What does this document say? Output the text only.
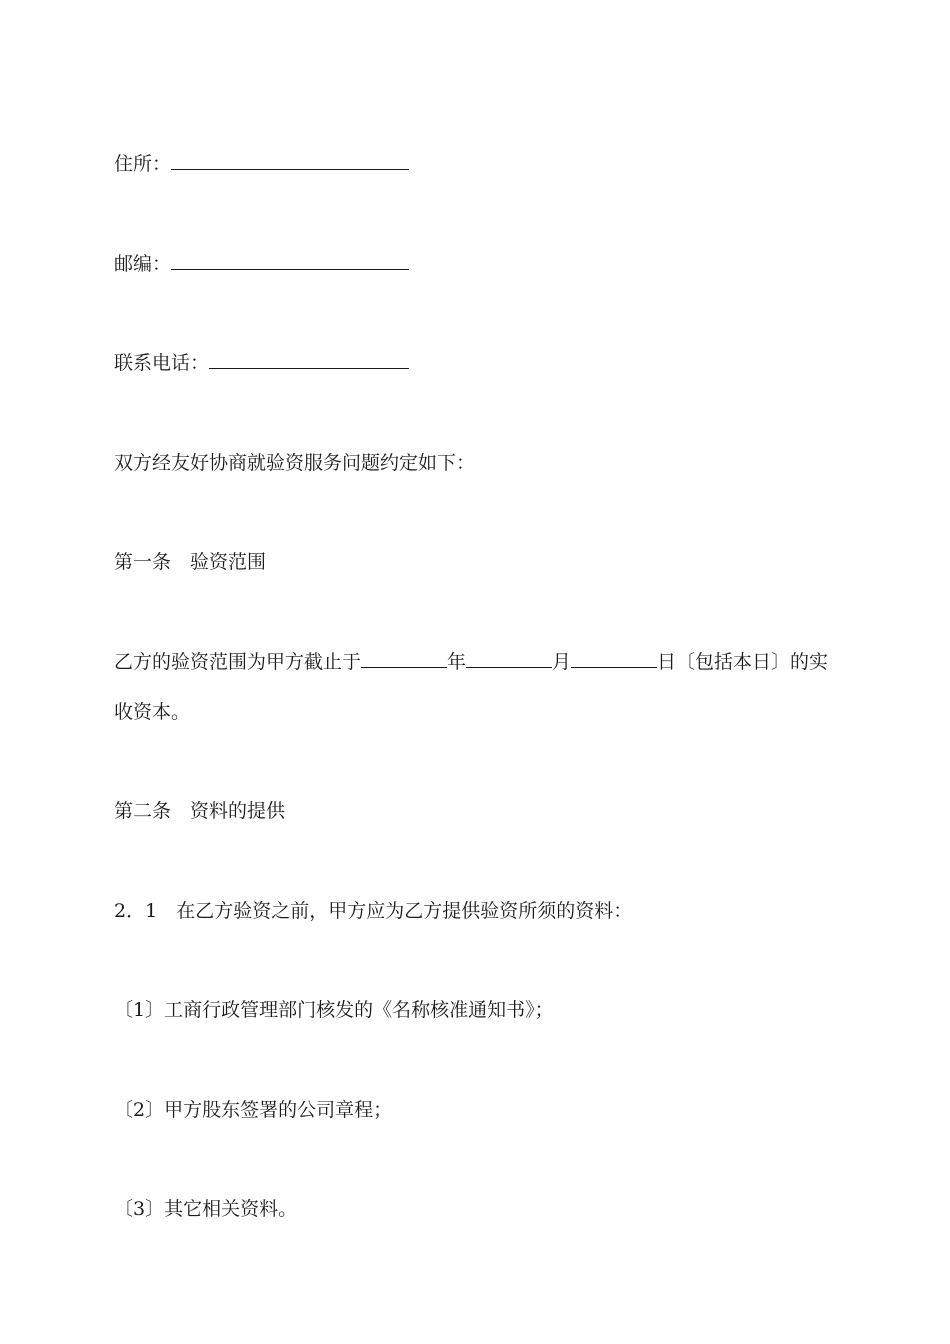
住所：
邮编：
联系电话：
双方经友好协商就验资服务问题约定如下：
第一条 验资范围
乙方的验资范围为甲方截止于	年	月	日〔包括本日〕的实
收资本。
第二条 资料的提供
2．1 在乙方验资之前，甲方应为乙方提供验资所须的资料：
〔1〕工商行政管理部门核发的《名称核准通知书》；
〔2〕甲方股东签署的公司章程；
〔3〕其它相关资料。
